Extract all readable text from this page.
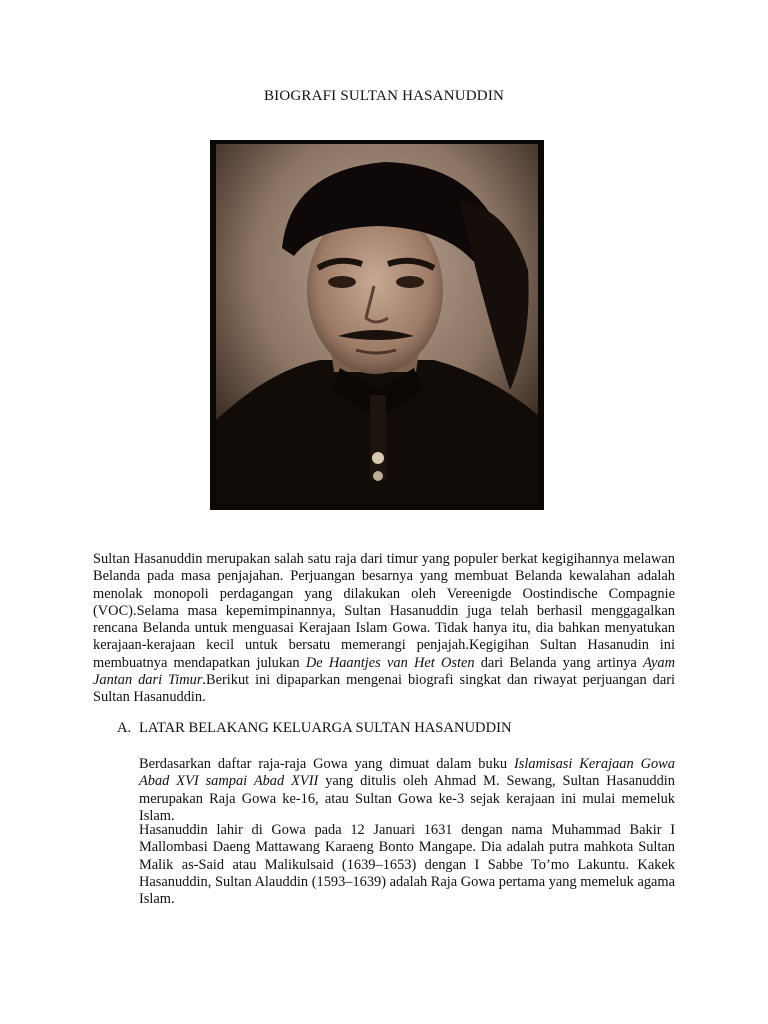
BIOGRAFI SULTAN HASANUDDIN

Sultan Hasanuddin merupakan salah satu raja dari timur yang populer berkat kegigihannya melawan Belanda pada masa penjajahan. Perjuangan besarnya yang membuat Belanda kewalahan adalah menolak monopoli perdagangan yang dilakukan oleh Vereenigde Oostindische Compagnie (VOC).Selama masa kepemimpinannya, Sultan Hasanuddin juga telah berhasil menggagalkan rencana Belanda untuk menguasai Kerajaan Islam Gowa. Tidak hanya itu, dia bahkan menyatukan kerajaan-kerajaan kecil untuk bersatu memerangi penjajah.Kegigihan Sultan Hasanudin ini membuatnya mendapatkan julukan De Haantjes van Het Osten dari Belanda yang artinya Ayam Jantan dari Timur.Berikut ini dipaparkan mengenai biografi singkat dan riwayat perjuangan dari Sultan Hasanuddin.

A. LATAR BELAKANG KELUARGA SULTAN HASANUDDIN

Berdasarkan daftar raja-raja Gowa yang dimuat dalam buku Islamisasi Kerajaan Gowa Abad XVI sampai Abad XVII yang ditulis oleh Ahmad M. Sewang, Sultan Hasanuddin merupakan Raja Gowa ke-16, atau Sultan Gowa ke-3 sejak kerajaan ini mulai memeluk Islam.

Hasanuddin lahir di Gowa pada 12 Januari 1631 dengan nama Muhammad Bakir I Mallombasi Daeng Mattawang Karaeng Bonto Mangape. Dia adalah putra mahkota Sultan Malik as-Said atau Malikulsaid (1639–1653) dengan I Sabbe To’mo Lakuntu. Kakek Hasanuddin, Sultan Alauddin (1593–1639) adalah Raja Gowa pertama yang memeluk agama Islam.
